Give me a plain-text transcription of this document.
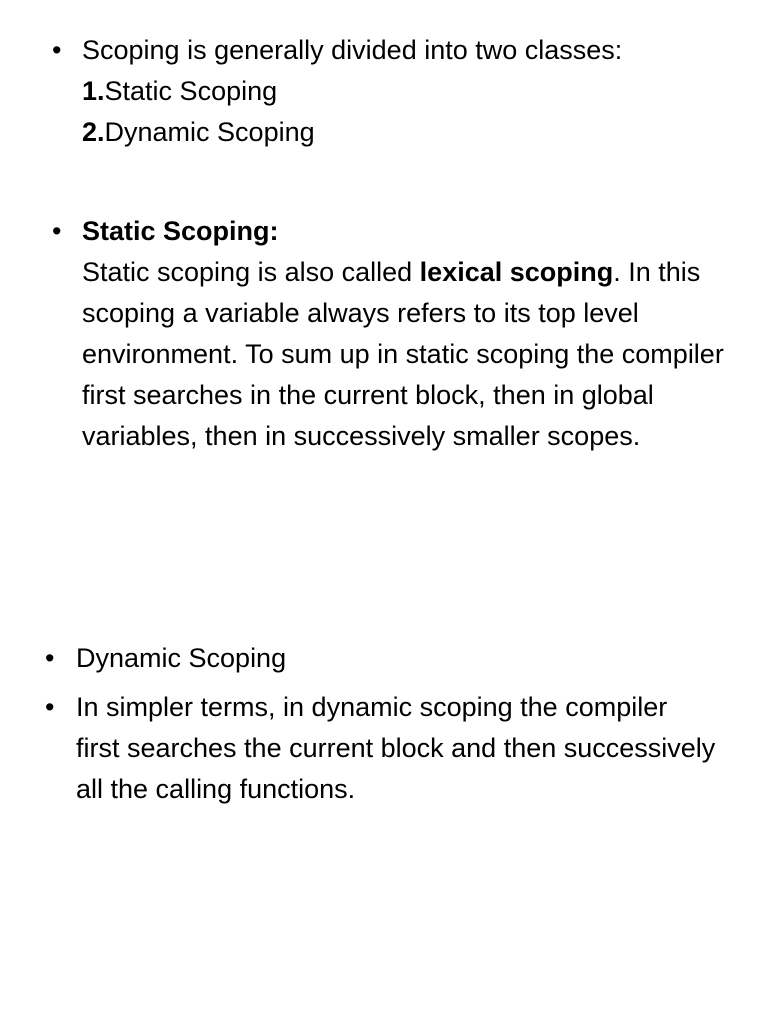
• Scoping is generally divided into two classes:
1.Static Scoping
2.Dynamic Scoping
• Static Scoping:
Static scoping is also called lexical scoping. In this scoping a variable always refers to its top level environment. To sum up in static scoping the compiler first searches in the current block, then in global variables, then in successively smaller scopes.
• Dynamic Scoping
• In simpler terms, in dynamic scoping the compiler first searches the current block and then successively all the calling functions.
